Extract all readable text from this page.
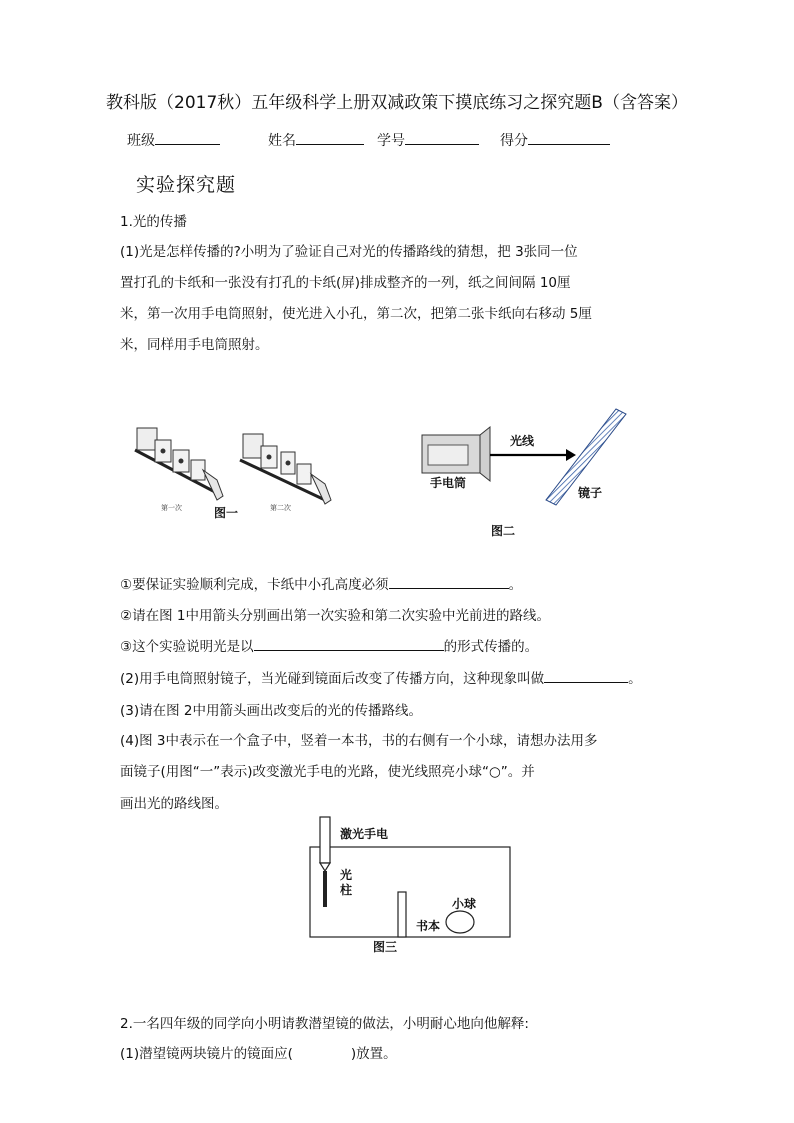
教科版（2017秋）五年级科学上册双减政策下摸底练习之探究题B（含答案）
班级	姓名	学号	得分
实验探究题
1.光的传播
(1)光是怎样传播的?小明为了验证自己对光的传播路线的猜想，把 3张同一位
置打孔的卡纸和一张没有打孔的卡纸(屏)排成整齐的一列，纸之间间隔 10厘
米，第一次用手电筒照射，使光进入小孔，第二次，把第二张卡纸向右移动 5厘
米，同样用手电筒照射。
第一次	第二次
图一
光线
手电筒
镜子
图二
①要保证实验顺利完成，卡纸中小孔高度必须	。
②请在图 1中用箭头分别画出第一次实验和第二次实验中光前进的路线。
③这个实验说明光是以	的形式传播的。
(2)用手电筒照射镜子，当光碰到镜面后改变了传播方向，这种现象叫做	。
(3)请在图 2中用箭头画出改变后的光的传播路线。
(4)图 3中表示在一个盒子中，竖着一本书，书的右侧有一个小球，请想办法用多
面镜子(用图“一”表示)改变激光手电的光路，使光线照亮小球“○”。并
画出光的路线图。
激光手电
光
柱
小球
书本
图三
2.一名四年级的同学向小明请教潜望镜的做法，小明耐心地向他解释:
(1)潜望镜两块镜片的镜面应(	)放置。
